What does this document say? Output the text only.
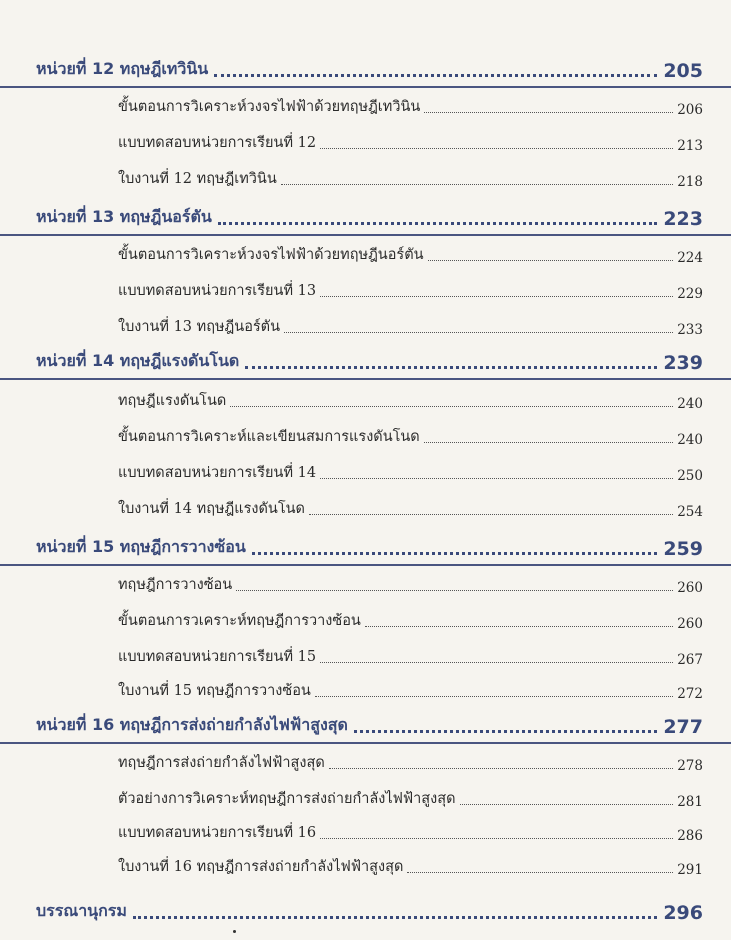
หน่วยที่ 12 ทฤษฎีเทวินิน	205
ขั้นตอนการวิเคราะห์วงจรไฟฟ้าด้วยทฤษฎีเทวินิน	206
แบบทดสอบหน่วยการเรียนที่ 12	213
ใบงานที่ 12 ทฤษฎีเทวินิน	218
หน่วยที่ 13 ทฤษฎีนอร์ตัน	223
ขั้นตอนการวิเคราะห์วงจรไฟฟ้าด้วยทฤษฎีนอร์ตัน	224
แบบทดสอบหน่วยการเรียนที่ 13	229
ใบงานที่ 13 ทฤษฎีนอร์ตัน	233
หน่วยที่ 14 ทฤษฎีแรงดันโนด	239
ทฤษฎีแรงดันโนด	240
ขั้นตอนการวิเคราะห์และเขียนสมการแรงดันโนด	240
แบบทดสอบหน่วยการเรียนที่ 14	250
ใบงานที่ 14 ทฤษฎีแรงดันโนด	254
หน่วยที่ 15 ทฤษฎีการวางซ้อน	259
ทฤษฎีการวางซ้อน	260
ขั้นตอนการวเคราะห์ทฤษฎีการวางซ้อน	260
แบบทดสอบหน่วยการเรียนที่ 15	267
ใบงานที่ 15 ทฤษฎีการวางซ้อน	272
หน่วยที่ 16 ทฤษฎีการส่งถ่ายกำลังไฟฟ้าสูงสุด	277
ทฤษฎีการส่งถ่ายกำลังไฟฟ้าสูงสุด	278
ตัวอย่างการวิเคราะห์ทฤษฎีการส่งถ่ายกำลังไฟฟ้าสูงสุด	281
แบบทดสอบหน่วยการเรียนที่ 16	286
ใบงานที่ 16 ทฤษฎีการส่งถ่ายกำลังไฟฟ้าสูงสุด	291
บรรณานุกรม	296
